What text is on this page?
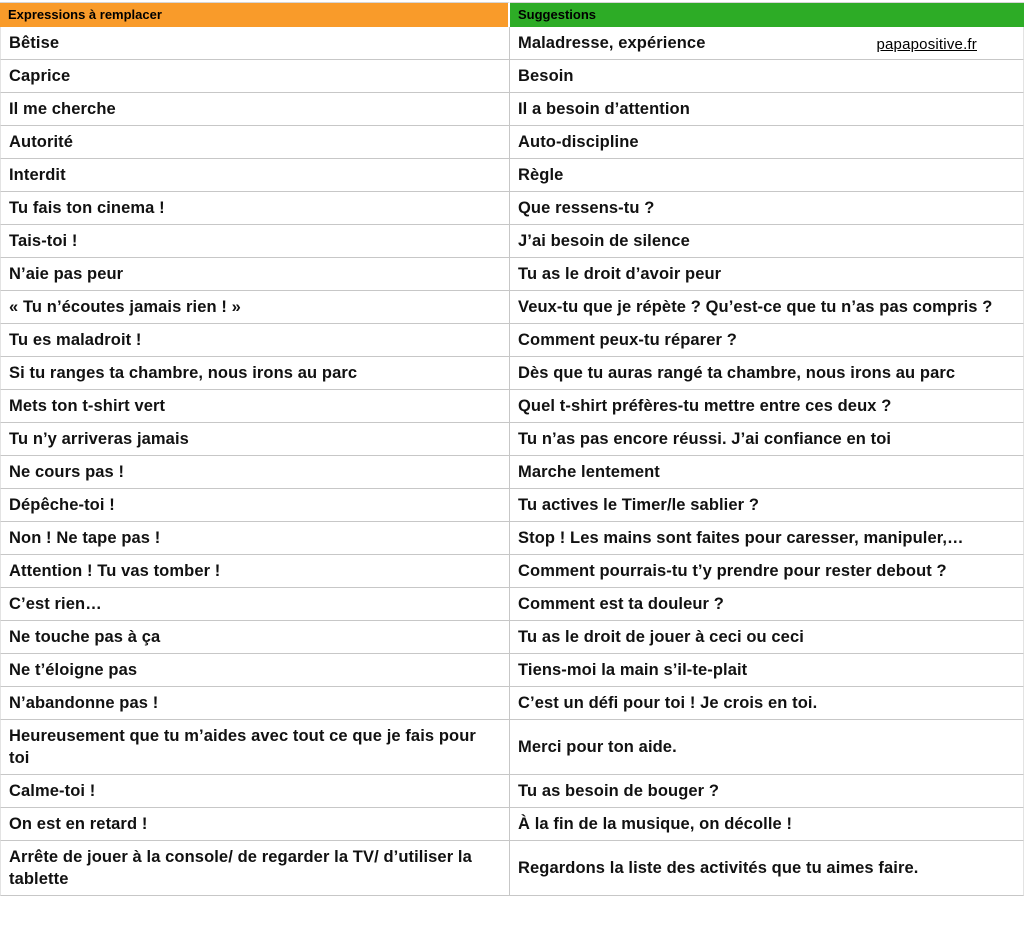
Expressions à remplacer	Suggestions
Bêtise	Maladresse, expérience papapositive.fr

Caprice	Besoin
Il me cherche	Il a besoin d’attention
Autorité	Auto-discipline
Interdit	Règle
Tu fais ton cinema !	Que ressens-tu ?
Tais-toi !	J’ai besoin de silence
N’aie pas peur	Tu as le droit d’avoir peur
« Tu n’écoutes jamais rien ! »	Veux-tu que je répète ? Qu’est-ce que tu n’as pas compris ?
Tu es maladroit !	Comment peux-tu réparer ?
Si tu ranges ta chambre, nous irons au parc	Dès que tu auras rangé ta chambre, nous irons au parc
Mets ton t-shirt vert	Quel t-shirt préfères-tu mettre entre ces deux ?
Tu n’y arriveras jamais	Tu n’as pas encore réussi. J’ai confiance en toi
Ne cours pas !	Marche lentement
Dépêche-toi !	Tu actives le Timer/le sablier ?
Non ! Ne tape pas !	Stop ! Les mains sont faites pour caresser, manipuler,…
Attention ! Tu vas tomber !	Comment pourrais-tu t’y prendre pour rester debout ?
C’est rien…	Comment est ta douleur ?
Ne touche pas à ça	Tu as le droit de jouer à ceci ou ceci
Ne t’éloigne pas	Tiens-moi la main s’il-te-plait
N’abandonne pas !	C’est un défi pour toi ! Je crois en toi.
Heureusement que tu m’aides avec tout ce que je fais pour toi	Merci pour ton aide.
Calme-toi !	Tu as besoin de bouger ?
On est en retard !	À la fin de la musique, on décolle !
Arrête de jouer à la console/ de regarder la TV/ d’utiliser la tablette	Regardons la liste des activités que tu aimes faire.
